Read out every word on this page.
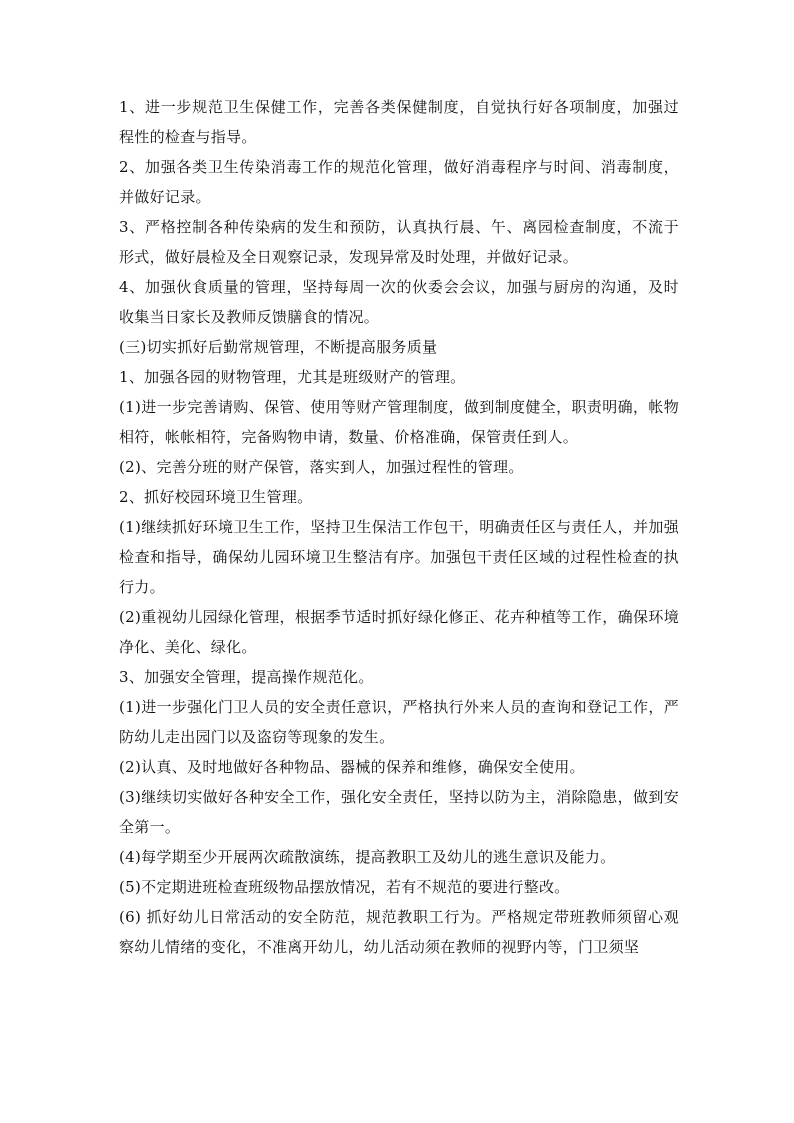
1、进一步规范卫生保健工作，完善各类保健制度，自觉执行好各项制度，加强过程性的检查与指导。

2、加强各类卫生传染消毒工作的规范化管理，做好消毒程序与时间、消毒制度，并做好记录。

3、严格控制各种传染病的发生和预防，认真执行晨、午、离园检查制度，不流于形式，做好晨检及全日观察记录，发现异常及时处理，并做好记录。

4、加强伙食质量的管理，坚持每周一次的伙委会会议，加强与厨房的沟通，及时收集当日家长及教师反馈膳食的情况。

(三)切实抓好后勤常规管理，不断提高服务质量

1、加强各园的财物管理，尤其是班级财产的管理。

(1)进一步完善请购、保管、使用等财产管理制度，做到制度健全，职责明确，帐物相符，帐帐相符，完备购物申请，数量、价格准确，保管责任到人。

(2)、完善分班的财产保管，落实到人，加强过程性的管理。

2、抓好校园环境卫生管理。

(1)继续抓好环境卫生工作，坚持卫生保洁工作包干，明确责任区与责任人，并加强检查和指导，确保幼儿园环境卫生整洁有序。加强包干责任区域的过程性检查的执行力。

(2)重视幼儿园绿化管理，根据季节适时抓好绿化修正、花卉种植等工作，确保环境净化、美化、绿化。

3、加强安全管理，提高操作规范化。

(1)进一步强化门卫人员的安全责任意识，严格执行外来人员的查询和登记工作，严防幼儿走出园门以及盗窃等现象的发生。

(2)认真、及时地做好各种物品、器械的保养和维修，确保安全使用。

(3)继续切实做好各种安全工作，强化安全责任，坚持以防为主，消除隐患，做到安全第一。

(4)每学期至少开展两次疏散演练，提高教职工及幼儿的逃生意识及能力。

(5)不定期进班检查班级物品摆放情况，若有不规范的要进行整改。

(6) 抓好幼儿日常活动的安全防范，规范教职工行为。严格规定带班教师须留心观察幼儿情绪的变化，不准离开幼儿，幼儿活动须在教师的视野内等，门卫须坚
